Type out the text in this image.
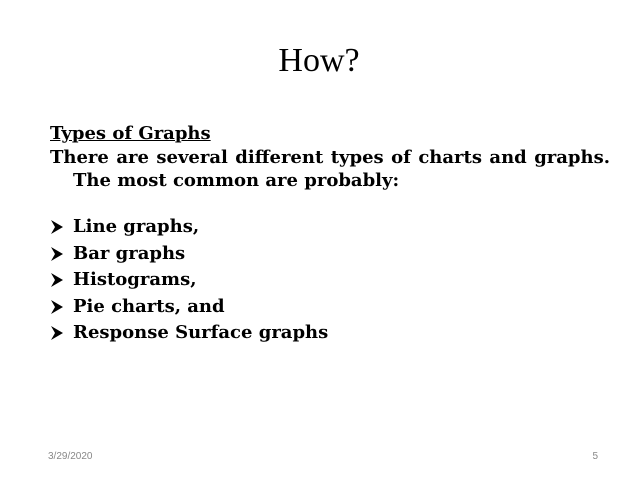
How?

Types of Graphs

There are several different types of charts and graphs. The most common are probably:

Line graphs,
Bar graphs
Histograms,
Pie charts, and
Response Surface graphs
3/29/2020	5
